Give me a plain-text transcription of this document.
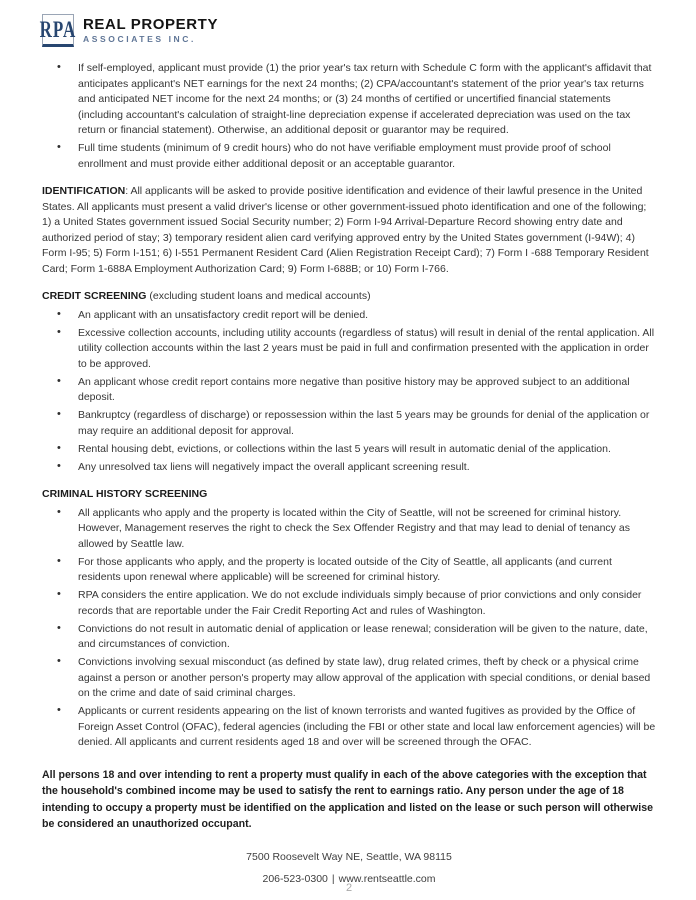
RPA REAL PROPERTY
ASSOCIATES INC.
•
If self-employed, applicant must provide (1) the prior year's tax return with Schedule C form with the applicant's affidavit that anticipates applicant's NET earnings for the next 24 months; (2) CPA/accountant's statement of the prior year's tax returns and anticipated NET income for the next 24 months; or (3) 24 months of certified or uncertified financial statements (including accountant's calculation of straight-line depreciation expense if accelerated depreciation was used on the tax return or financial statement). Otherwise, an additional deposit or guarantor may be required.
•
Full time students (minimum of 9 credit hours) who do not have verifiable employment must provide proof of school enrollment and must provide either additional deposit or an acceptable guarantor.

IDENTIFICATION: All applicants will be asked to provide positive identification and evidence of their lawful presence in the United States. All applicants must present a valid driver's license or other government-issued photo identification and one of the following; 1) a United States government issued Social Security number; 2) Form I-94 Arrival-Departure Record showing entry date and authorized period of stay; 3) temporary resident alien card verifying approved entry by the United States government (I-94W); 4) Form I-95; 5) Form I-151; 6) I-551 Permanent Resident Card (Alien Registration Receipt Card); 7) Form I -688 Temporary Resident Card; Form 1-688A Employment Authorization Card; 9) Form I-688B; or 10) Form I-766.

CREDIT SCREENING (excluding student loans and medical accounts)
•
An applicant with an unsatisfactory credit report will be denied.
•
Excessive collection accounts, including utility accounts (regardless of status) will result in denial of the rental application. All utility collection accounts within the last 2 years must be paid in full and confirmation presented with the application in order to be approved.
•
An applicant whose credit report contains more negative than positive history may be approved subject to an additional deposit.
•
Bankruptcy (regardless of discharge) or repossession within the last 5 years may be grounds for denial of the application or may require an additional deposit for approval.
•
Rental housing debt, evictions, or collections within the last 5 years will result in automatic denial of the application.
•
Any unresolved tax liens will negatively impact the overall applicant screening result.
CRIMINAL HISTORY SCREENING
•
All applicants who apply and the property is located within the City of Seattle, will not be screened for criminal history. However, Management reserves the right to check the Sex Offender Registry and that may lead to denial of tenancy as allowed by Seattle law.
•
For those applicants who apply, and the property is located outside of the City of Seattle, all applicants (and current residents upon renewal where applicable) will be screened for criminal history.
•
RPA considers the entire application. We do not exclude individuals simply because of prior convictions and only consider records that are reportable under the Fair Credit Reporting Act and rules of Washington.
•
Convictions do not result in automatic denial of application or lease renewal; consideration will be given to the nature, date, and circumstances of conviction.
•
Convictions involving sexual misconduct (as defined by state law), drug related crimes, theft by check or a physical crime against a person or another person's property may allow approval of the application with special conditions, or denial based on the crime and date of said criminal charges.
•
Applicants or current residents appearing on the list of known terrorists and wanted fugitives as provided by the Office of Foreign Asset Control (OFAC), federal agencies (including the FBI or other state and local law enforcement agencies) will be denied. All applicants and current residents aged 18 and over will be screened through the OFAC.

All persons 18 and over intending to rent a property must qualify in each of the above categories with the exception that the household's combined income may be used to satisfy the rent to earnings ratio. Any person under the age of 18 intending to occupy a property must be identified on the application and listed on the lease or such person will otherwise be considered an unauthorized occupant.

7500 Roosevelt Way NE, Seattle, WA 98115
206-523-0300 | www.rentseattle.com
2
